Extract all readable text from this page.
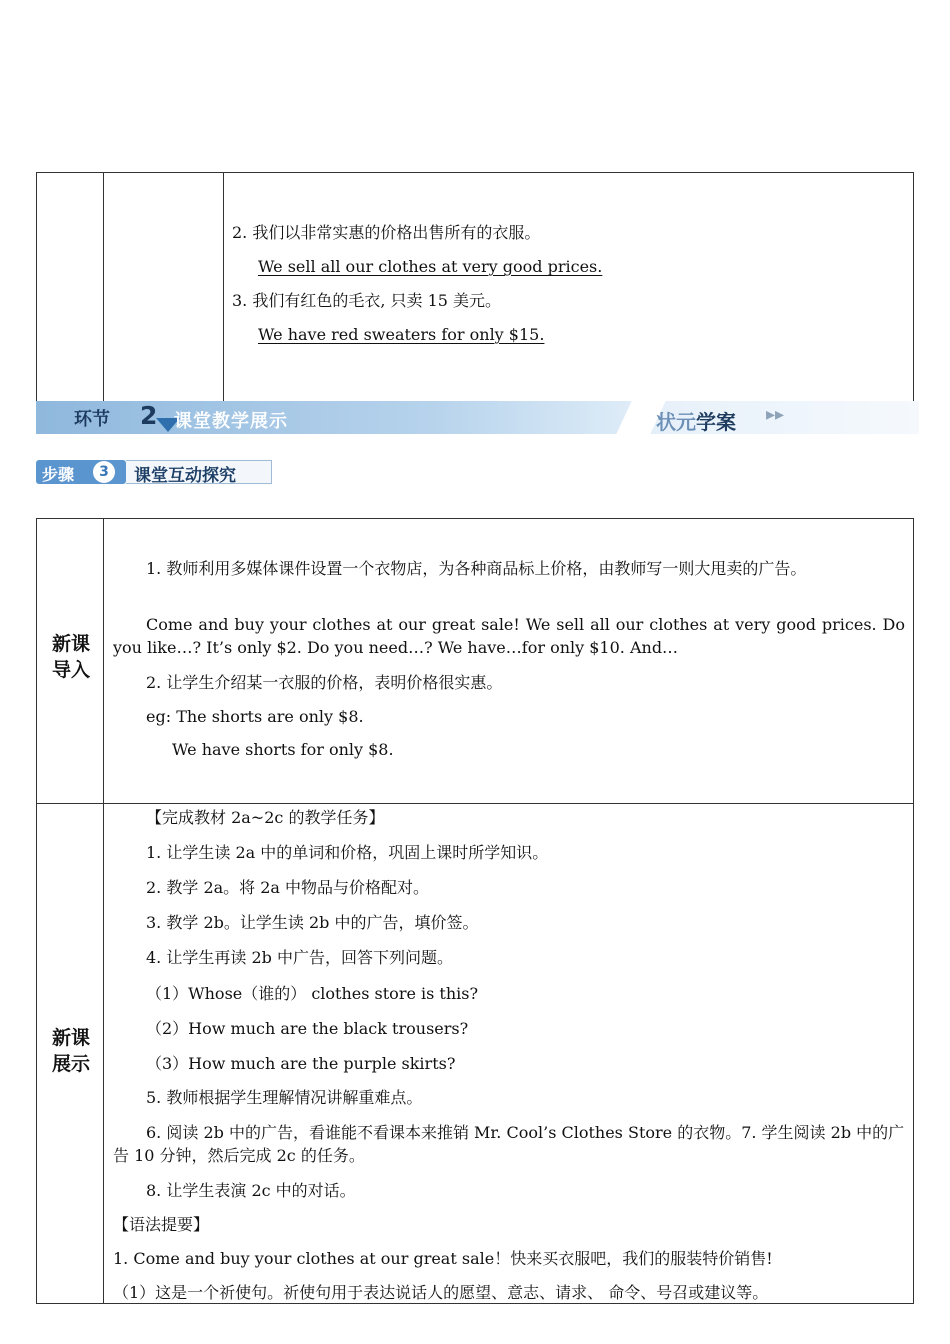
2. 我们以非常实惠的价格出售所有的衣服。
We sell all our clothes at very good prices.
3. 我们有红色的毛衣, 只卖 15 美元。
We have red sweaters for only $15.
环节 2 课堂教学展示	状元学案 ▸▸
步骤	3	课堂互动探究
新课
导入
1. 教师利用多媒体课件设置一个衣物店，为各种商品标上价格，由教师写一则大甩卖的广告。
Come and buy your clothes at our great sale! We sell all our clothes at very good prices. Do you like…? It’s only $2. Do you need…? We have…for only $10. And…
2. 让学生介绍某一衣服的价格，表明价格很实惠。
eg: The shorts are only $8.
We have shorts for only $8.
新课
展示
【完成教材 2a~2c 的教学任务】
1. 让学生读 2a 中的单词和价格，巩固上课时所学知识。
2. 教学 2a。将 2a 中物品与价格配对。
3. 教学 2b。让学生读 2b 中的广告，填价签。
4. 让学生再读 2b 中广告，回答下列问题。
（1）Whose（谁的） clothes store is this?
（2）How much are the black trousers?
（3）How much are the purple skirts?
5. 教师根据学生理解情况讲解重难点。
6. 阅读 2b 中的广告，看谁能不看课本来推销 Mr. Cool’s Clothes Store 的衣物。7. 学生阅读 2b 中的广告 10 分钟，然后完成 2c 的任务。
8. 让学生表演 2c 中的对话。
【语法提要】
1. Come and buy your clothes at our great sale！快来买衣服吧，我们的服装特价销售!
（1）这是一个祈使句。祈使句用于表达说话人的愿望、意志、请求、 命令、号召或建议等。
